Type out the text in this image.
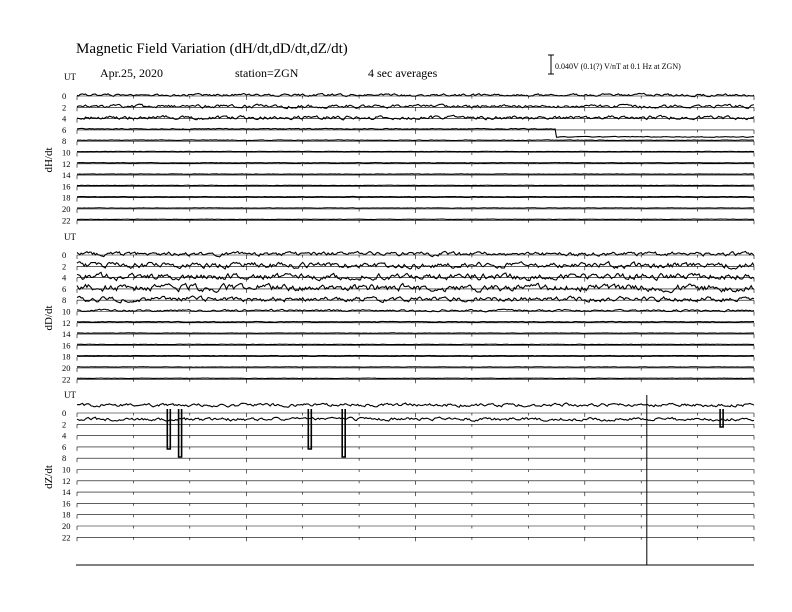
Magnetic Field Variation (dH/dt,dD/dt,dZ/dt)
Apr.25, 2020	station=ZGN	4 sec averages	0.040V (0.1(?) V/nT at 0.1 Hz at ZGN)
UT
dH/dt
0
2
4
6
8
10
12
14
16
18
20
22
UT
dD/dt
0
2
4
6
8
10
12
14
16
18
20
22
UT
dZ/dt
0
2
4
6
8
10
12
14
16
18
20
22
